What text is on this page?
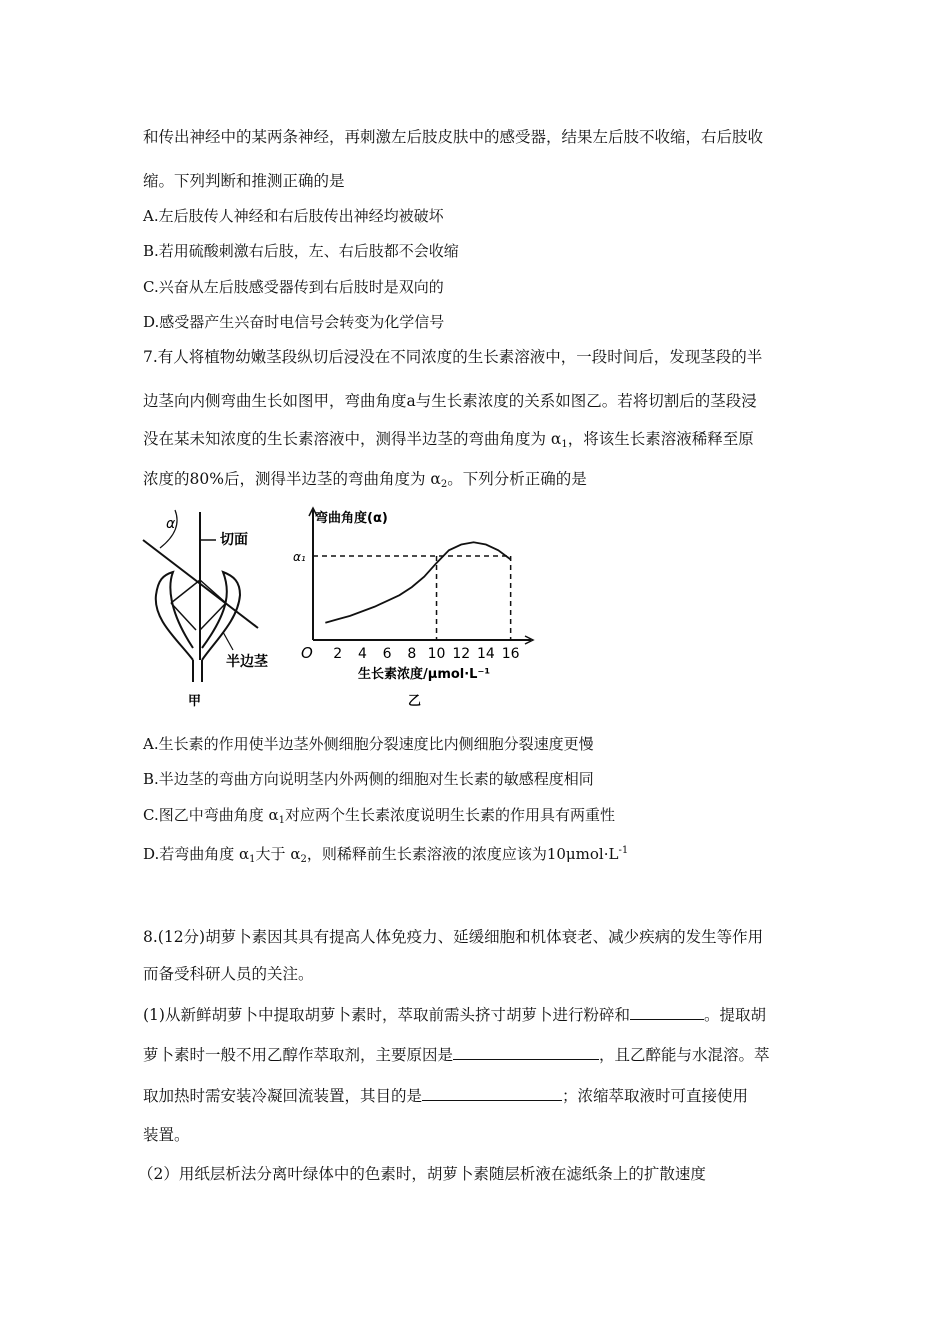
和传出神经中的某两条神经，再刺激左后肢皮肤中的感受器，结果左后肢不收缩，右后肢收
缩。下列判断和推测正确的是
A.左后肢传人神经和右后肢传出神经均被破坏
B.若用硫酸刺激右后肢，左、右后肢都不会收缩
C.兴奋从左后肢感受器传到右后肢时是双向的
D.感受器产生兴奋时电信号会转变为化学信号
7.有人将植物幼嫩茎段纵切后浸没在不同浓度的生长素溶液中，一段时间后，发现茎段的半
边茎向内侧弯曲生长如图甲，弯曲角度a与生长素浓度的关系如图乙。若将切割后的茎段浸
没在某未知浓度的生长素溶液中，测得半边茎的弯曲角度为 $\alpha_1$，将该生长素溶液稀释至原
浓度的80%后，测得半边茎的弯曲角度为 $\alpha_2$。下列分析正确的是
α
切面
半边茎
甲
2 4 6 8 10 12 14 16
O
α₁
弯曲角度(α)
生长素浓度/μmol·L⁻¹
乙
A.生长素的作用使半边茎外侧细胞分裂速度比内侧细胞分裂速度更慢
B.半边茎的弯曲方向说明茎内外两侧的细胞对生长素的敏感程度相同
C.图乙中弯曲角度 $\alpha_1$对应两个生长素浓度说明生长素的作用具有两重性
D.若弯曲角度 $\alpha_1$大于 $\alpha_2$，则稀释前生长素溶液的浓度应该为$10\mu mol\cdot L^{-1}$
8.(12分)胡萝卜素因其具有提高人体免疫力、延缓细胞和机体衰老、减少疾病的发生等作用
而备受科研人员的关注。
(1)从新鲜胡萝卜中提取胡萝卜素时，萃取前需头挤寸胡萝卜进行粉碎和	。提取胡
萝卜素时一般不用乙醇作萃取剂，主要原因是	，且乙醉能与水混溶。萃
取加热时需安装冷凝回流装置，其目的是	；浓缩萃取液时可直接使用
装置。
（2）用纸层析法分离叶绿体中的色素时，胡萝卜素随层析液在滤纸条上的扩散速度
